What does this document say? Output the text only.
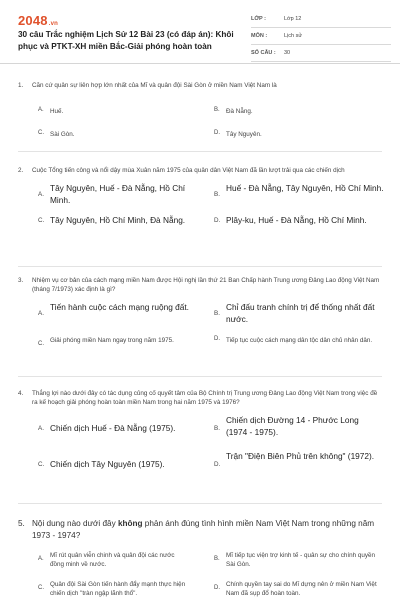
2048.vn
30 câu Trắc nghiệm Lịch Sử 12 Bài 23 (có đáp án): Khôi phục và PTKT-XH miền Bắc-Giải phóng hoàn toàn
LỚP :	Lớp 12
MÔN :	Lịch sử
SỐ CÂU : 30
1. Căn cứ quân sự liên hợp lớn nhất của Mĩ và quân đội Sài Gòn ở miền Nam Việt Nam là
A. Huế.	B. Đà Nẵng.
C. Sài Gòn.	D. Tây Nguyên.
2. Cuộc Tổng tiến công và nổi dậy mùa Xuân năm 1975 của quân dân Việt Nam đã lần lượt trải qua các chiến dịch
A.
Tây Nguyên, Huế - Đà Nẵng, Hồ Chí Minh.	B.
Huế - Đà Nẵng, Tây Nguyên, Hồ Chí Minh.
C. Tây Nguyên, Hồ Chí Minh, Đà Nẵng.	D. Plây-ku, Huế - Đà Nẵng, Hồ Chí Minh.
3. Nhiệm vụ cơ bản của cách mạng miền Nam được Hội nghị lần thứ 21 Ban Chấp hành Trung ương Đảng Lao động Việt Nam (tháng 7/1973) xác định là gì?
A.
Tiến hành cuộc cách mạng ruộng đất.
B.
Chỉ đấu tranh chính trị để thống nhất đất nước.
C. Giải phóng miền Nam ngay trong năm 1975.	D. Tiếp tục cuộc cách mạng dân tộc dân chủ nhân dân.
4. Thắng lợi nào dưới đây có tác dụng củng cố quyết tâm của Bộ Chính trị Trung ương Đảng Lao động Việt Nam trong việc đề ra kế hoạch giải phóng hoàn toàn miền Nam trong hai năm 1975 và 1976?
A. Chiến dịch Huế - Đà Nẵng (1975).	B.
Chiến dịch Đường 14 - Phước Long (1974 - 1975).
C. Chiến dịch Tây Nguyên (1975).	D.
Trận "Điện Biên Phủ trên không" (1972).
5. Nội dung nào dưới đây không phản ánh đúng tình hình miền Nam Việt Nam trong những năm 1973 - 1974?
A. Mĩ rút quân viễn chinh và quân đội các nước đồng minh về nước.
B. Mĩ tiếp tục viện trợ kinh tế - quân sự cho chính quyền Sài Gòn.
C. Quân đội Sài Gòn tiến hành đẩy mạnh thực hiện chiến dịch "tràn ngập lãnh thổ".
D. Chính quyền tay sai do Mĩ dựng nên ở miền Nam Việt Nam đã sụp đổ hoàn toàn.
